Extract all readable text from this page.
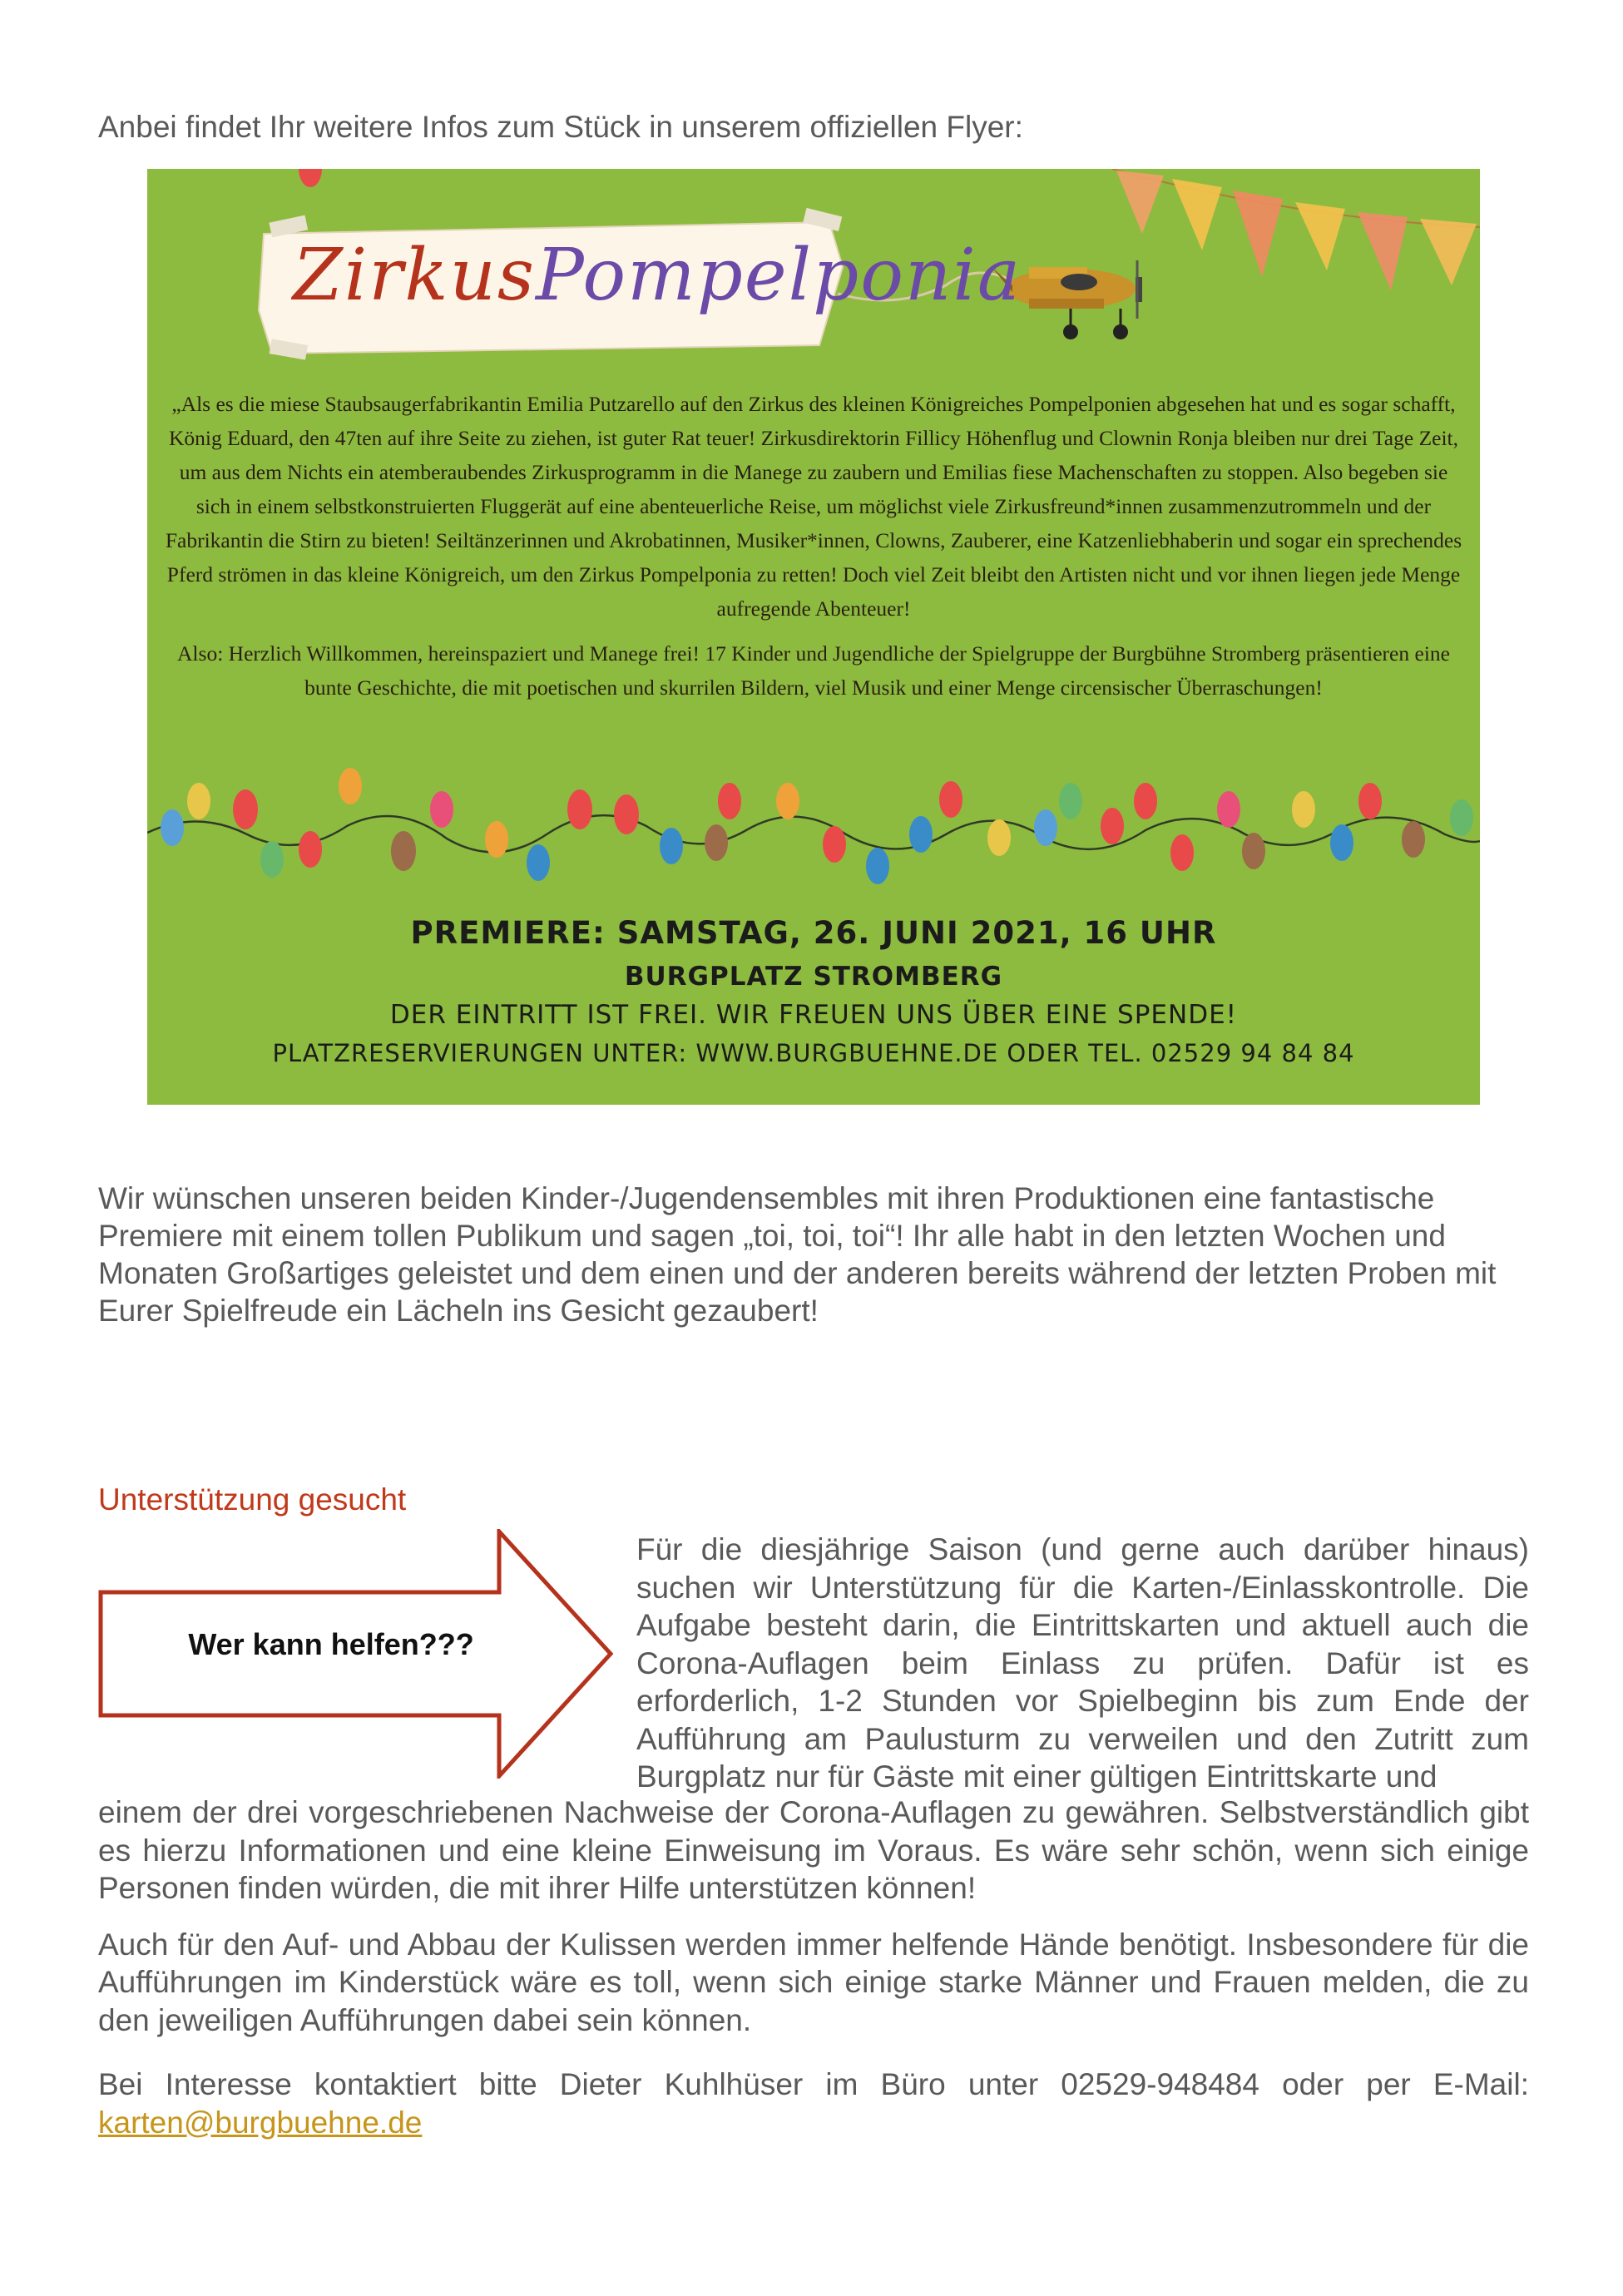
Anbei findet Ihr weitere Infos zum Stück in unserem offiziellen Flyer:
ZirkusPompelponia

„Als es die miese Staubsaugerfabrikantin Emilia Putzarello auf den Zirkus des kleinen Königreiches Pompelponien abgesehen hat und es sogar schafft, König Eduard, den 47ten auf ihre Seite zu ziehen, ist guter Rat teuer! Zirkusdirektorin Fillicy Höhenflug und Clownin Ronja bleiben nur drei Tage Zeit, um aus dem Nichts ein atemberaubendes Zirkusprogramm in die Manege zu zaubern und Emilias fiese Machenschaften zu stoppen. Also begeben sie sich in einem selbstkonstruierten Fluggerät auf eine abenteuerliche Reise, um möglichst viele Zirkusfreund*innen zusammenzutrommeln und der Fabrikantin die Stirn zu bieten! Seiltänzerinnen und Akrobatinnen, Musiker*innen, Clowns, Zauberer, eine Katzenliebhaberin und sogar ein sprechendes Pferd strömen in das kleine Königreich, um den Zirkus Pompelponia zu retten! Doch viel Zeit bleibt den Artisten nicht und vor ihnen liegen jede Menge aufregende Abenteuer!

Also: Herzlich Willkommen, hereinspaziert und Manege frei! 17 Kinder und Jugendliche der Spielgruppe der Burgbühne Stromberg präsentieren eine bunte Geschichte, die mit poetischen und skurrilen Bildern, viel Musik und einer Menge circensischer Überraschungen!

PREMIERE: SAMSTAG, 26. JUNI 2021, 16 UHR
BURGPLATZ STROMBERG
DER EINTRITT IST FREI. WIR FREUEN UNS ÜBER EINE SPENDE!
PLATZRESERVIERUNGEN UNTER: WWW.BURGBUEHNE.DE ODER TEL. 02529 94 84 84
Wir wünschen unseren beiden Kinder-/Jugendensembles mit ihren Produktionen eine fantastische Premiere mit einem tollen Publikum und sagen „toi, toi, toi“! Ihr alle habt in den letzten Wochen und Monaten Großartiges geleistet und dem einen und der anderen bereits während der letzten Proben mit Eurer Spielfreude ein Lächeln ins Gesicht gezaubert!
Unterstützung gesucht
Wer kann helfen???
Für die diesjährige Saison (und gerne auch darüber hinaus) suchen wir Unterstützung für die Karten-/Einlasskontrolle. Die Aufgabe besteht darin, die Eintrittskarten und aktuell auch die Corona-Auflagen beim Einlass zu prüfen. Dafür ist es erforderlich, 1-2 Stunden vor Spielbeginn bis zum Ende der Aufführung am Paulusturm zu verweilen und den Zutritt zum Burgplatz nur für Gäste mit einer gültigen Eintrittskarte und

einem der drei vorgeschriebenen Nachweise der Corona-Auflagen zu gewähren. Selbstverständlich gibt es hierzu Informationen und eine kleine Einweisung im Voraus. Es wäre sehr schön, wenn sich einige Personen finden würden, die mit ihrer Hilfe unterstützen können!

Auch für den Auf- und Abbau der Kulissen werden immer helfende Hände benötigt. Insbesondere für die Aufführungen im Kinderstück wäre es toll, wenn sich einige starke Männer und Frauen melden, die zu den jeweiligen Aufführungen dabei sein können.

Bei Interesse kontaktiert bitte Dieter Kuhlhüser im Büro unter 02529-948484 oder per E-Mail: karten@burgbuehne.de
